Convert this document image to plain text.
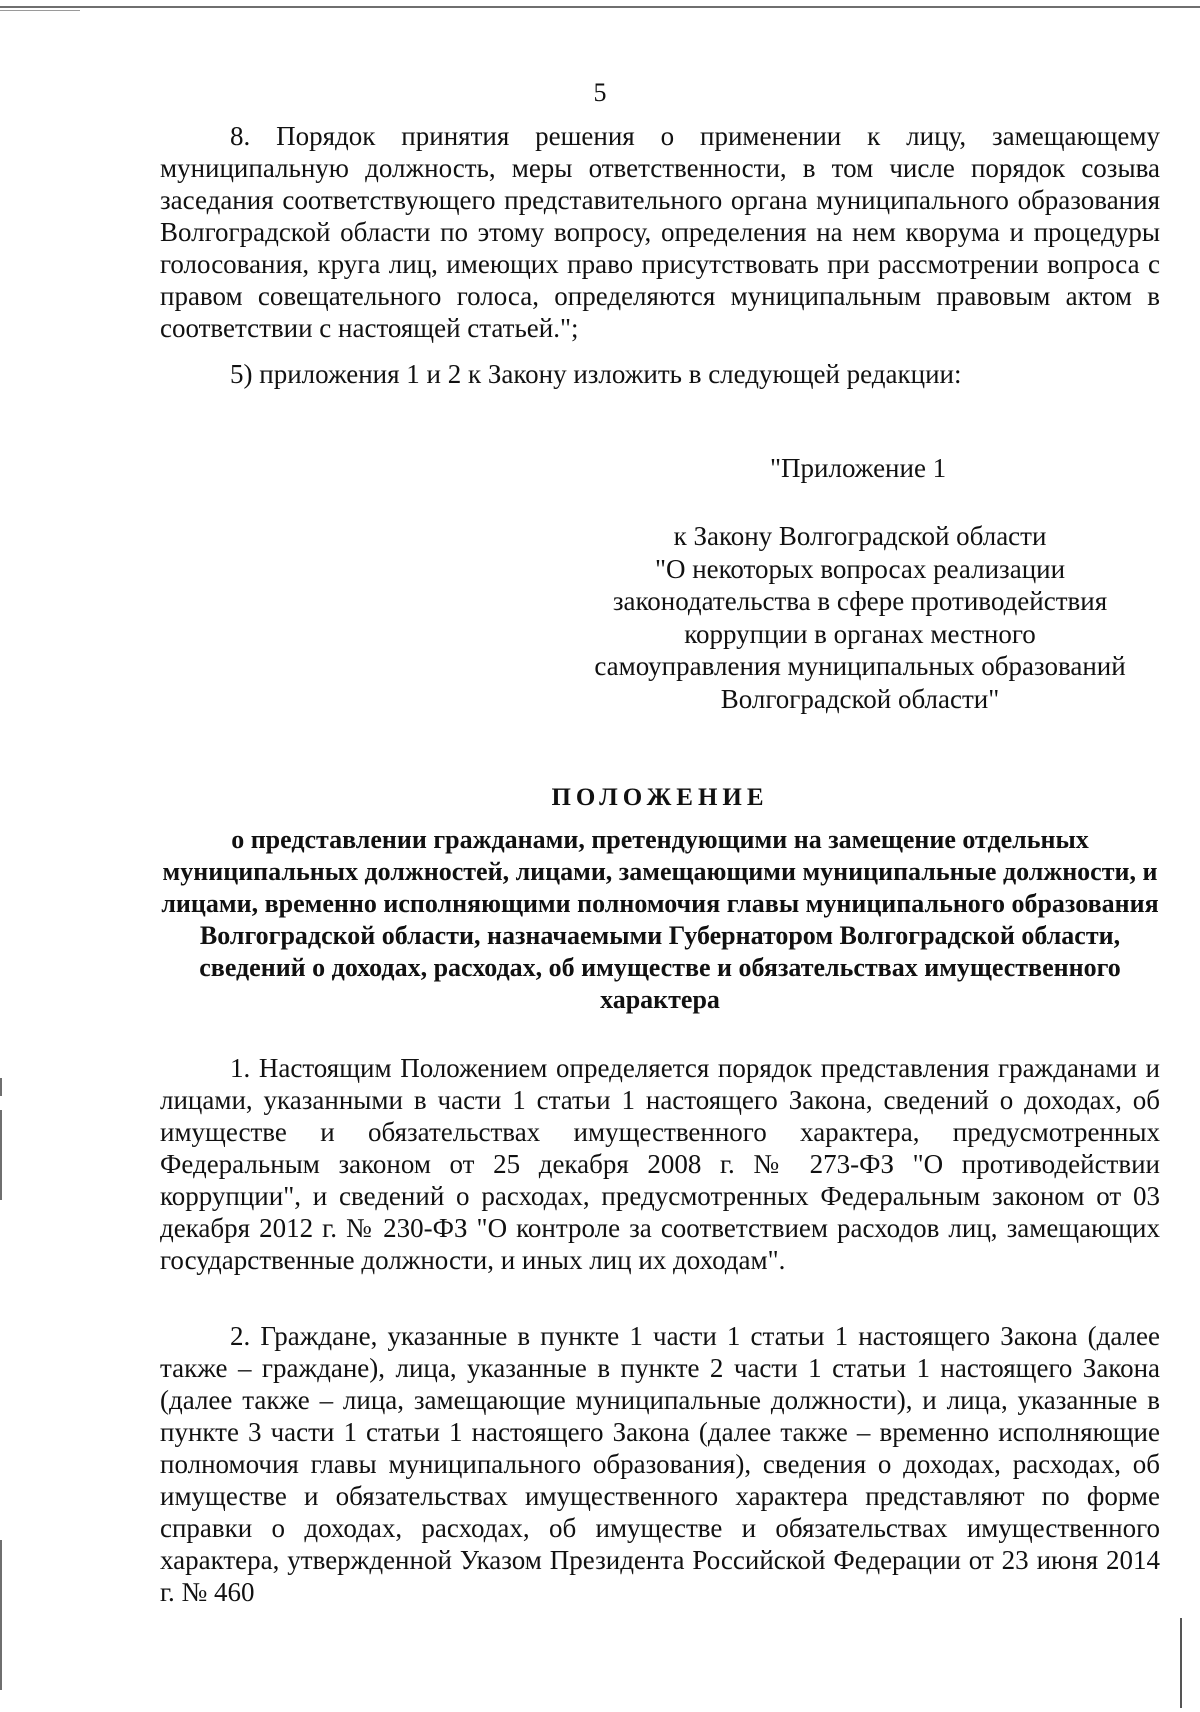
5

8. Порядок принятия решения о применении к лицу, замещающему муниципальную должность, меры ответственности, в том числе порядок созыва заседания соответствующего представительного органа муниципального образования Волгоградской области по этому вопросу, определения на нем кворума и процедуры голосования, круга лиц, имеющих право присутствовать при рассмотрении вопроса с правом совещательного голоса, определяются муниципальным правовым актом в соответствии с настоящей статьей.";

5) приложения 1 и 2 к Закону изложить в следующей редакции:

"Приложение 1
к Закону Волгоградской области
"О некоторых вопросах реализации
законодательства в сфере противодействия
коррупции в органах местного
самоуправления муниципальных образований
Волгоградской области"
ПОЛОЖЕНИЕ

о представлении гражданами, претендующими на замещение отдельных муниципальных должностей, лицами, замещающими муниципальные должности, и лицами, временно исполняющими полномочия главы муниципального образования Волгоградской области, назначаемыми Губернатором Волгоградской области, сведений о доходах, расходах, об имуществе и обязательствах имущественного характера

1. Настоящим Положением определяется порядок представления гражданами и лицами, указанными в части 1 статьи 1 настоящего Закона, сведений о доходах, об имуществе и обязательствах имущественного характера, предусмотренных Федеральным законом от 25 декабря 2008 г. № 273-ФЗ "О противодействии коррупции", и сведений о расходах, предусмотренных Федеральным законом от 03 декабря 2012 г. № 230-ФЗ "О контроле за соответствием расходов лиц, замещающих государственные должности, и иных лиц их доходам".

2. Граждане, указанные в пункте 1 части 1 статьи 1 настоящего Закона (далее также – граждане), лица, указанные в пункте 2 части 1 статьи 1 настоящего Закона (далее также – лица, замещающие муниципальные должности), и лица, указанные в пункте 3 части 1 статьи 1 настоящего Закона (далее также – временно исполняющие полномочия главы муниципального образования), сведения о доходах, расходах, об имуществе и обязательствах имущественного характера представляют по форме справки о доходах, расходах, об имуществе и обязательствах имущественного характера, утвержденной Указом Президента Российской Федерации от 23 июня 2014 г. № 460
